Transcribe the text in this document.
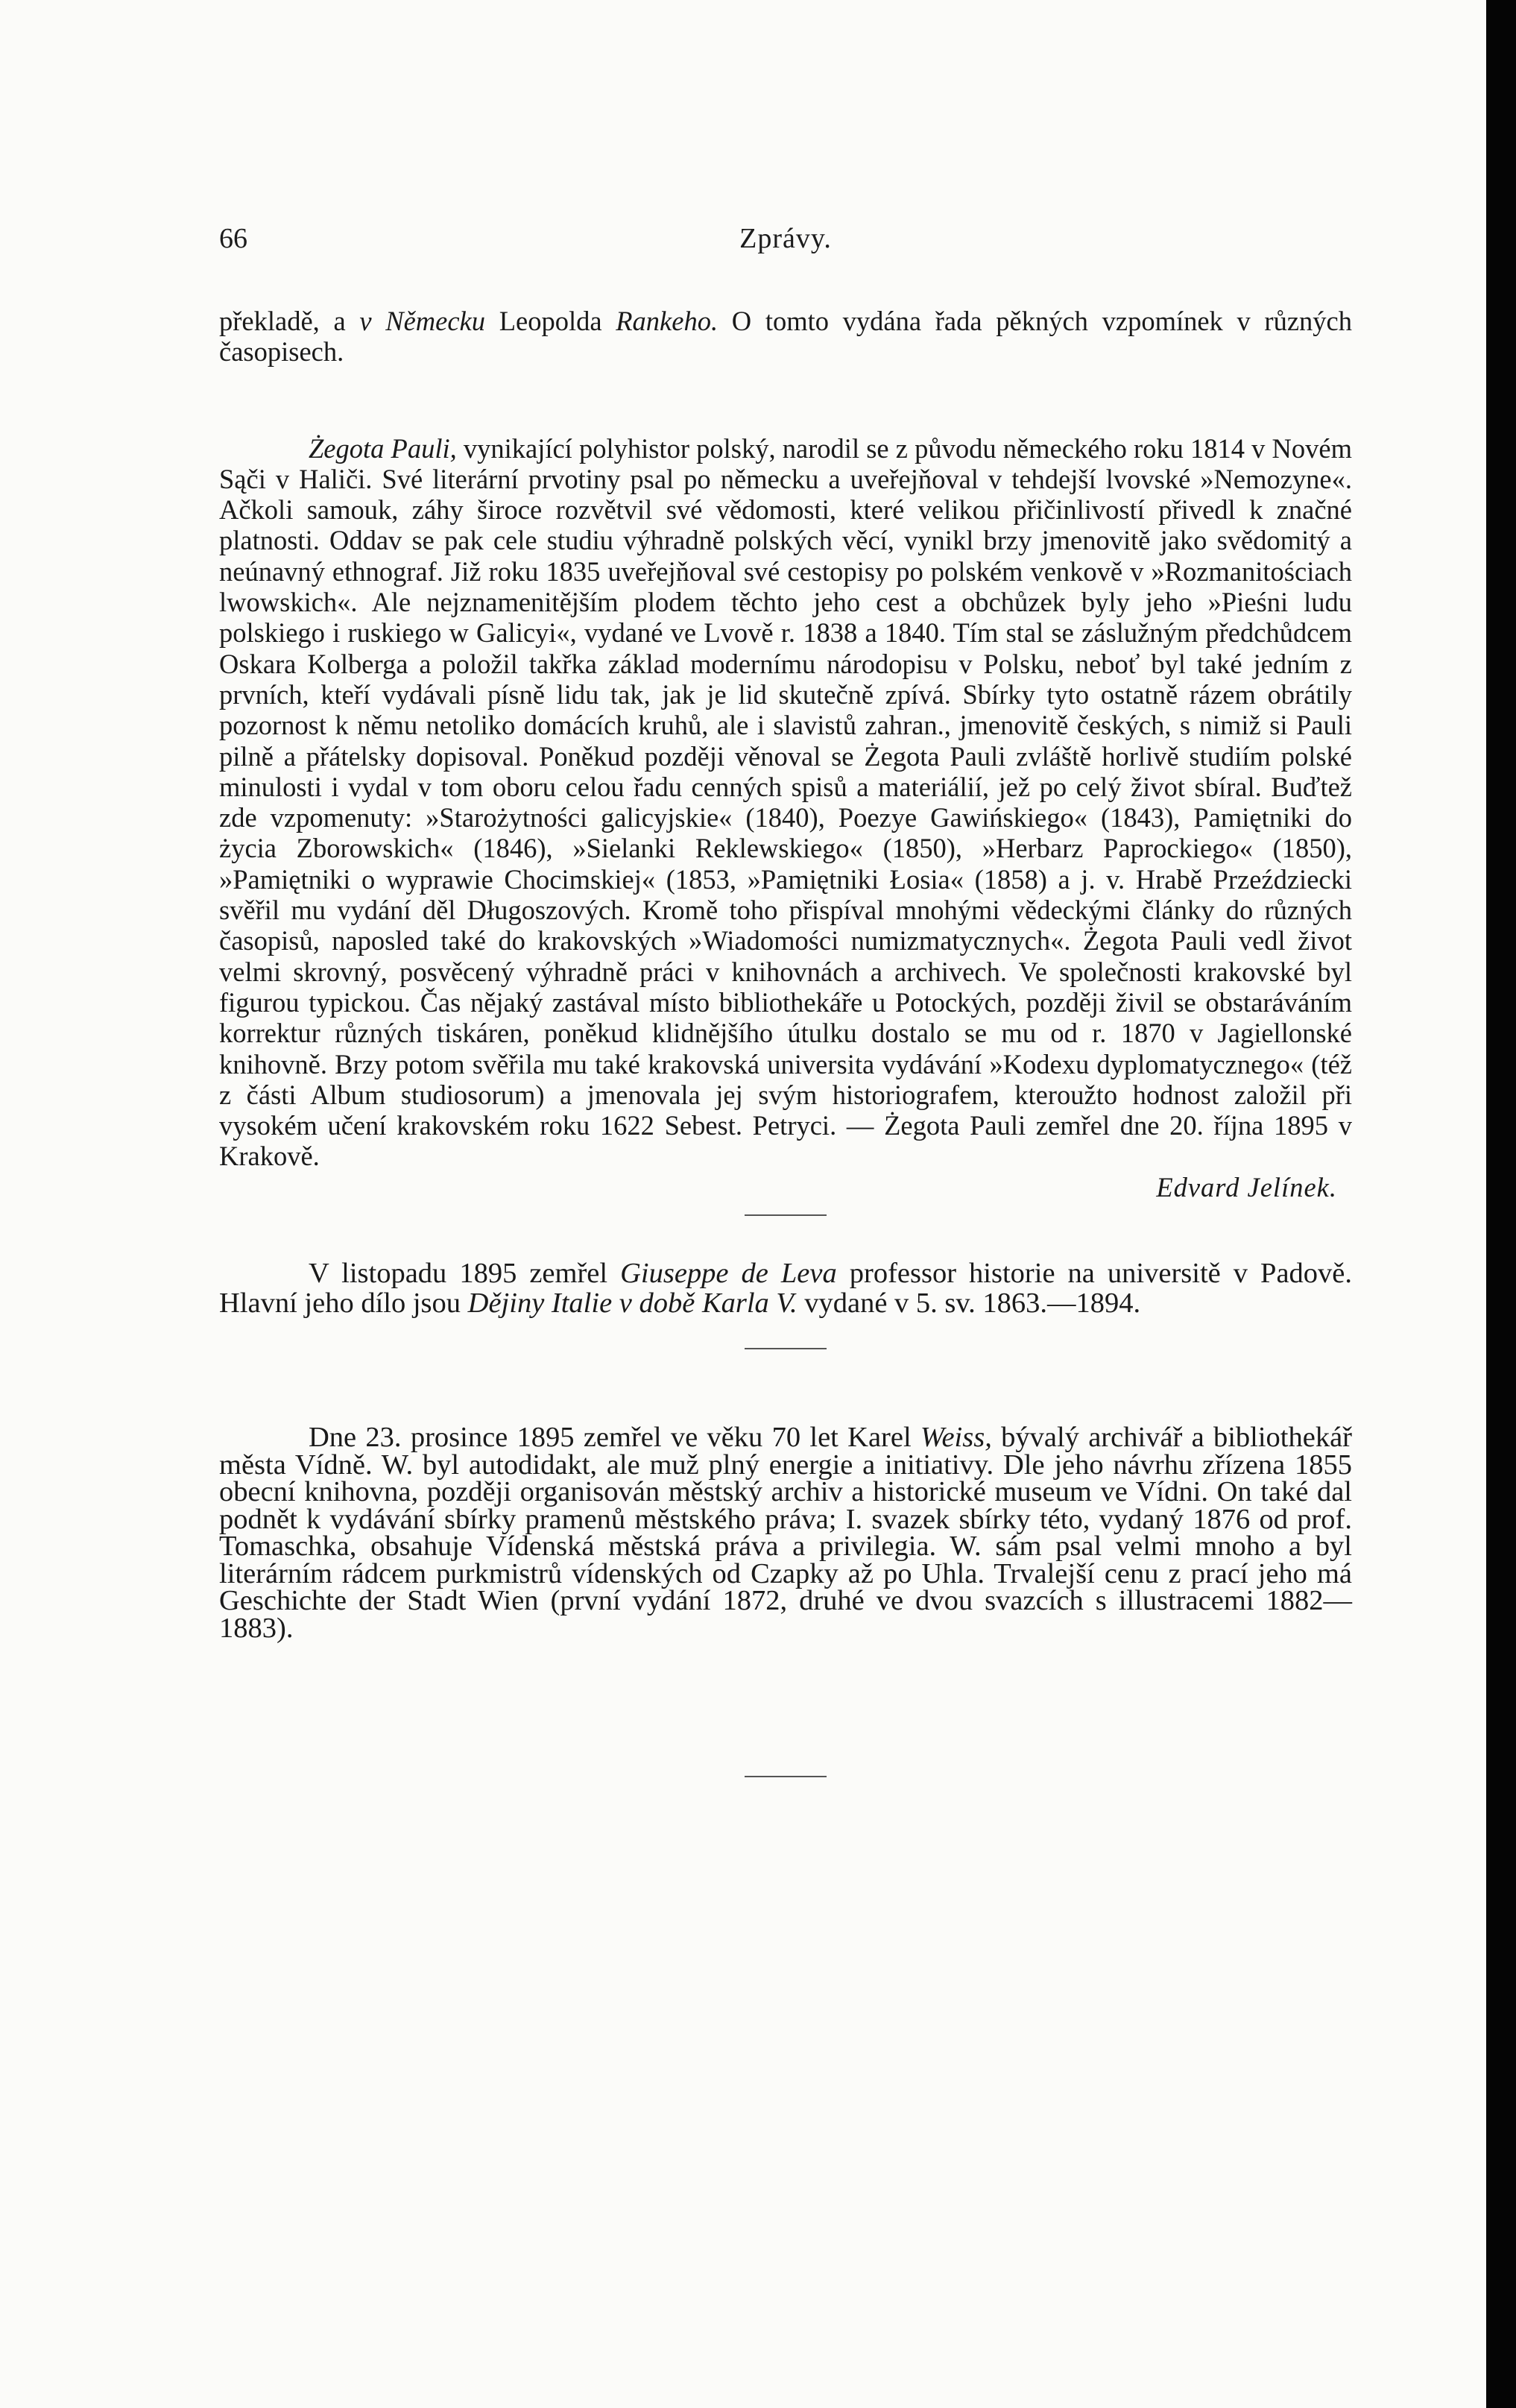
66	Zprávy.

překladě, a v Německu Leopolda Rankeho. O tomto vydána řada pěkných vzpomínek v různých časopisech.

Żegota Pauli, vynikající polyhistor polský, narodil se z původu německého roku 1814 v Novém Sąči v Haliči. Své literární prvotiny psal po německu a uveřejňoval v tehdejší lvovské »Nemozyne«. Ačkoli samouk, záhy široce rozvětvil své vědomosti, které velikou přičinlivostí přivedl k značné platnosti. Oddav se pak cele studiu výhradně polských věcí, vynikl brzy jmenovitě jako svědomitý a neúnavný ethnograf. Již roku 1835 uveřejňoval své cestopisy po polském venkově v »Rozmanitościach lwowskich«. Ale nejznamenitějším plodem těchto jeho cest a obchůzek byly jeho »Pieśni ludu polskiego i ruskiego w Galicyi«, vydané ve Lvově r. 1838 a 1840. Tím stal se záslužným předchůdcem Oskara Kolberga a položil takřka základ modernímu národopisu v Polsku, neboť byl také jedním z prvních, kteří vydávali písně lidu tak, jak je lid skutečně zpívá. Sbírky tyto ostatně rázem obrátily pozornost k němu netoliko domácích kruhů, ale i slavistů zahran., jmenovitě českých, s nimiž si Pauli pilně a přátelsky dopisoval. Poněkud později věnoval se Żegota Pauli zvláště horlivě studiím polské minulosti i vydal v tom oboru celou řadu cenných spisů a materiálií, jež po celý život sbíral. Buďtež zde vzpomenuty: »Starożytności galicyjskie« (1840), Poezye Gawińskiego« (1843), Pamiętniki do życia Zborowskich« (1846), »Sielanki Reklewskiego« (1850), »Herbarz Paprockiego« (1850), »Pamiętniki o wyprawie Chocimskiej« (1853, »Pamiętniki Łosia« (1858) a j. v. Hrabě Przeździecki svěřil mu vydání děl Długoszových. Kromě toho přispíval mnohými vědeckými články do různých časopisů, naposled také do krakovských »Wiadomości numizmatycznych«. Żegota Pauli vedl život velmi skrovný, posvěcený výhradně práci v knihovnách a archivech. Ve společnosti krakovské byl figurou typickou. Čas nějaký zastával místo bibliothekáře u Potockých, později živil se obstaráváním korrektur různých tiskáren, poněkud klidnějšího útulku dostalo se mu od r. 1870 v Jagiellonské knihovně. Brzy potom svěřila mu také krakovská universita vydávání »Kodexu dyplomatycznego« (též z části Album studiosorum) a jmenovala jej svým historiografem, kteroužto hodnost založil při vysokém učení krakovském roku 1622 Sebest. Petryci. — Żegota Pauli zemřel dne 20. října 1895 v Krakově.

Edvard Jelínek.

V listopadu 1895 zemřel Giuseppe de Leva professor historie na universitě v Padově. Hlavní jeho dílo jsou Dějiny Italie v době Karla V. vydané v 5. sv. 1863.—1894.

Dne 23. prosince 1895 zemřel ve věku 70 let Karel Weiss, bývalý archivář a bibliothekář města Vídně. W. byl autodidakt, ale muž plný energie a initiativy. Dle jeho návrhu zřízena 1855 obecní knihovna, později organisován městský archiv a historické museum ve Vídni. On také dal podnět k vydávání sbírky pramenů městského práva; I. svazek sbírky této, vydaný 1876 od prof. Tomaschka, obsahuje Vídenská městská práva a privilegia. W. sám psal velmi mnoho a byl literárním rádcem purkmistrů vídenských od Czapky až po Uhla. Trvalejší cenu z prací jeho má Geschichte der Stadt Wien (první vydání 1872, druhé ve dvou svazcích s illustracemi 1882—1883).
